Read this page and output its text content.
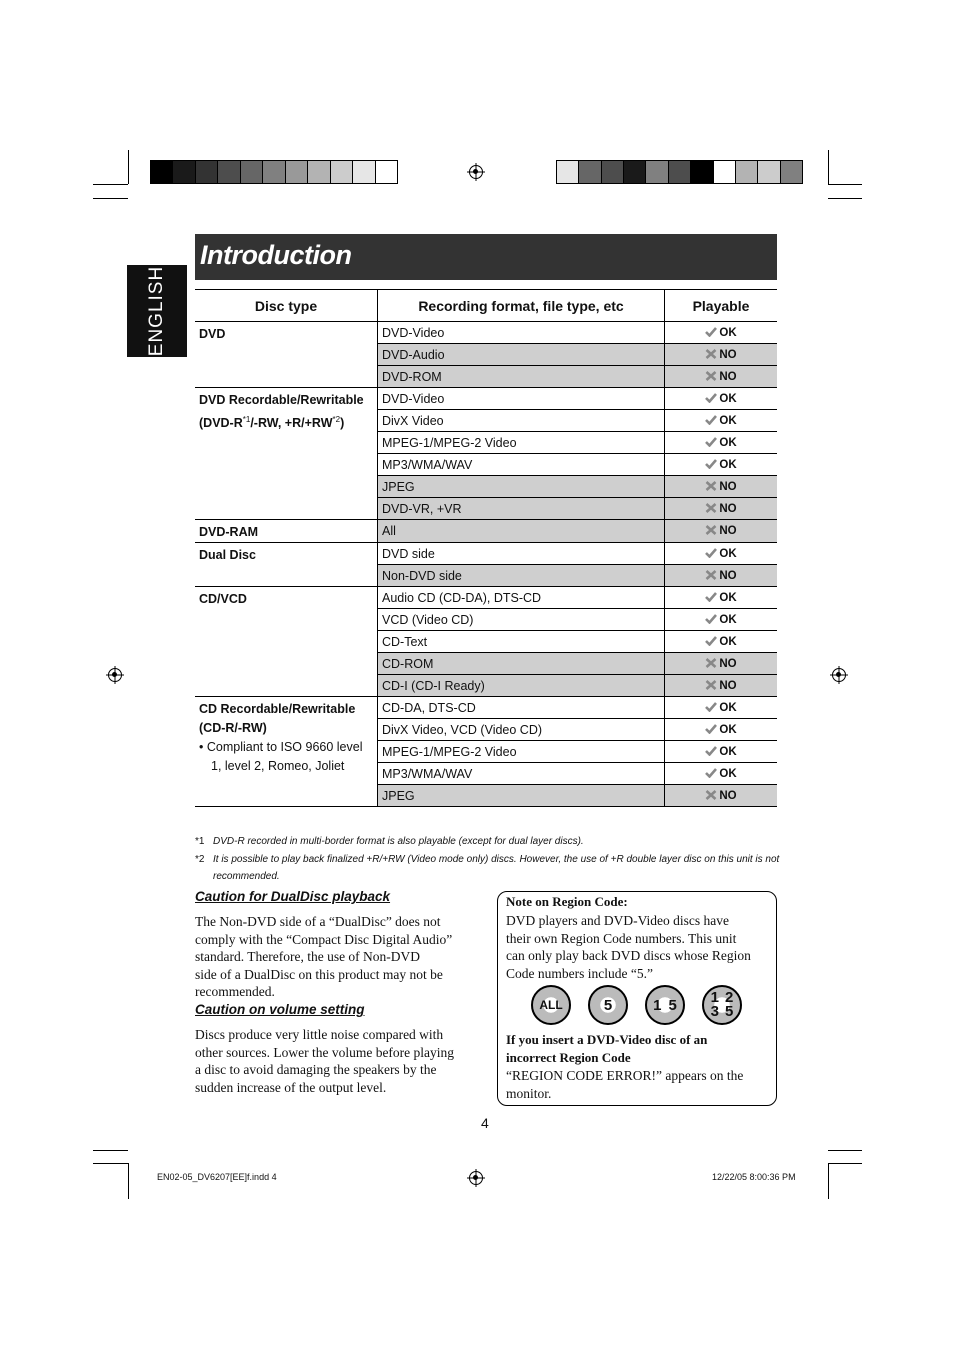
ENGLISH
Introduction
Disc type	Recording format, file type, etc	Playable
DVD	DVD-Video	OK
	DVD-Audio	NO
	DVD-ROM	NO
DVD Recordable/Rewritable
($DVD-R^{*1}/-RW$, $+R/+RW^{*2}$)	DVD-Video	OK
	DivX Video	OK
	MPEG-1/MPEG-2 Video	OK
	MP3/WMA/WAV	OK
	JPEG	NO
	DVD-VR, +VR	NO
DVD-RAM	All	NO
Dual Disc	DVD side	OK
	Non-DVD side	NO
CD/VCD	Audio CD (CD-DA), DTS-CD	OK
	VCD (Video CD)	OK
	CD-Text	OK
	CD-ROM	NO
	CD-I (CD-I Ready)	NO
CD Recordable/Rewritable
(CD-R/-RW)
• Compliant to ISO 9660 level 1, level 2, Romeo, Joliet	CD-DA, DTS-CD	OK
	DivX Video, VCD (Video CD)	OK
	MPEG-1/MPEG-2 Video	OK
	MP3/WMA/WAV	OK
	JPEG	NO
*1 DVD-R recorded in multi-border format is also playable (except for dual layer discs).
*2 It is possible to play back finalized +R/+RW (Video mode only) discs. However, the use of +R double layer disc on this unit is not
recommended.
Caution for DualDisc playback
The Non-DVD side of a “DualDisc” does not
comply with the “Compact Disc Digital Audio”
standard. Therefore, the use of Non-DVD
side of a DualDisc on this product may not be
recommended.
Caution on volume setting
Discs produce very little noise compared with
other sources. Lower the volume before playing
a disc to avoid damaging the speakers by the
sudden increase of the output level.
Note on Region Code:
DVD players and DVD-Video discs have
their own Region Code numbers. This unit
can only play back DVD discs whose Region
Code numbers include “5.”
ALL	5	1 5 1 2
3 5
If you insert a DVD-Video disc of an
incorrect Region Code
“REGION CODE ERROR!” appears on the
monitor.
4
EN02-05_DV6207[EE]f.indd 4	12/22/05 8:00:36 PM
